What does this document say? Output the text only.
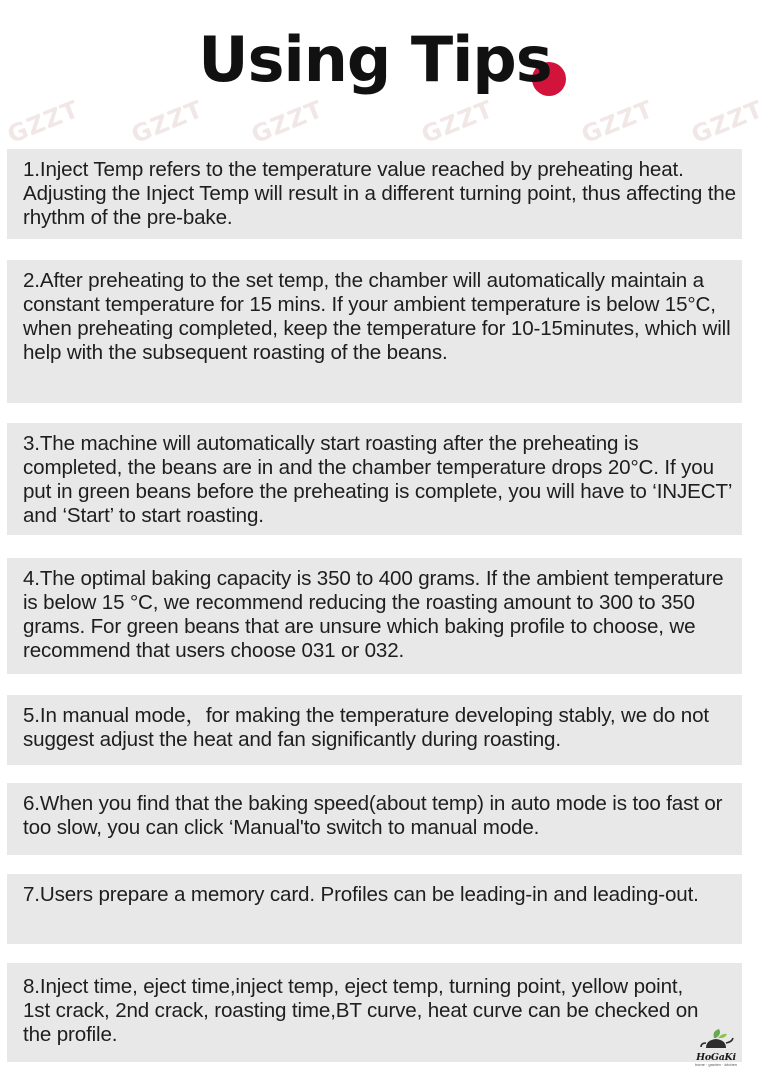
GZZT GZZT GZZT	GZZT	GZZT GZZT
Using Tips

1.Inject Temp refers to the temperature value reached by preheating heat. Adjusting the Inject Temp will result in a different turning point, thus affecting the rhythm of the pre-bake.

2.After preheating to the set temp, the chamber will automatically maintain a constant temperature for 15 mins. If your ambient temperature is below 15°C, when preheating completed, keep the temperature for 10-15minutes, which will help with the subsequent roasting of the beans.

3.The machine will automatically start roasting after the preheating is completed, the beans are in and the chamber temperature drops 20°C. If you put in green beans before the preheating is complete, you will have to ‘INJECT’ and ‘Start’ to start roasting.

4.The optimal baking capacity is 350 to 400 grams. If the ambient temperature is below 15 °C, we recommend reducing the roasting amount to 300 to 350 grams. For green beans that are unsure which baking profile to choose, we recommend that users choose 031 or 032.

5.In manual mode，for making the temperature developing stably, we do not suggest adjust the heat and fan significantly during roasting.

6.When you find that the baking speed(about temp) in auto mode is too fast or too slow, you can click ‘Manual'to switch to manual mode.

7.Users prepare a memory card. Profiles can be leading-in and leading-out.

8.Inject time, eject time,inject temp, eject temp, turning point, yellow point, 1st crack, 2nd crack, roasting time,BT curve, heat curve can be checked on the profile.

HoGaKi
home · garden · kitchen
